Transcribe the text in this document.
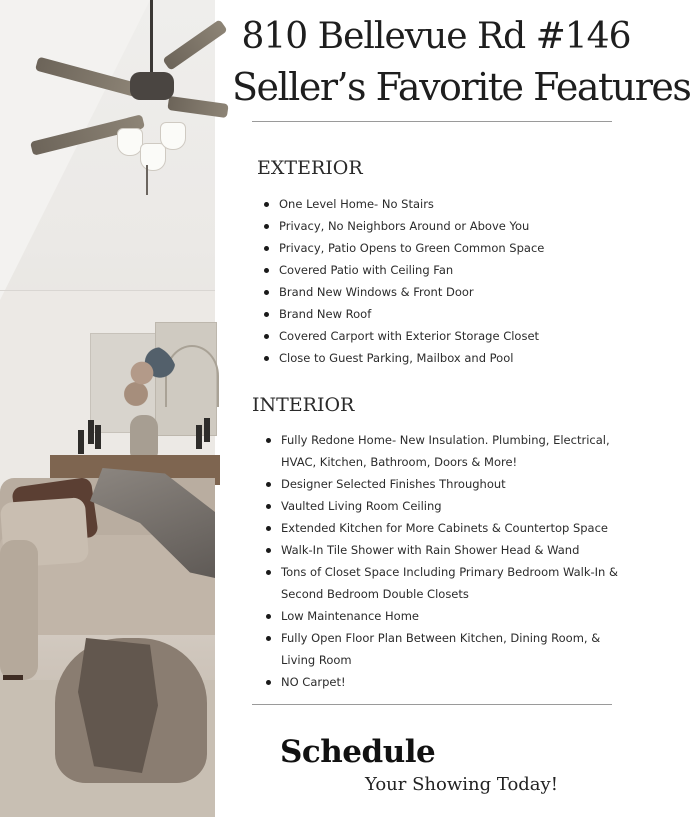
810 Bellevue Rd #146
Seller’s Favorite Features
EXTERIOR
One Level Home- No Stairs
Privacy, No Neighbors Around or Above You
Privacy, Patio Opens to Green Common Space
Covered Patio with Ceiling Fan
Brand New Windows & Front Door
Brand New Roof
Covered Carport with Exterior Storage Closet
Close to Guest Parking, Mailbox and Pool
INTERIOR
Fully Redone Home- New Insulation. Plumbing, Electrical,
HVAC, Kitchen, Bathroom, Doors & More!
Designer Selected Finishes Throughout
Vaulted Living Room Ceiling
Extended Kitchen for More Cabinets & Countertop Space
Walk-In Tile Shower with Rain Shower Head & Wand
Tons of Closet Space Including Primary Bedroom Walk-In &
Second Bedroom Double Closets
Low Maintenance Home
Fully Open Floor Plan Between Kitchen, Dining Room, &
Living Room
NO Carpet!
Schedule
Your Showing Today!
